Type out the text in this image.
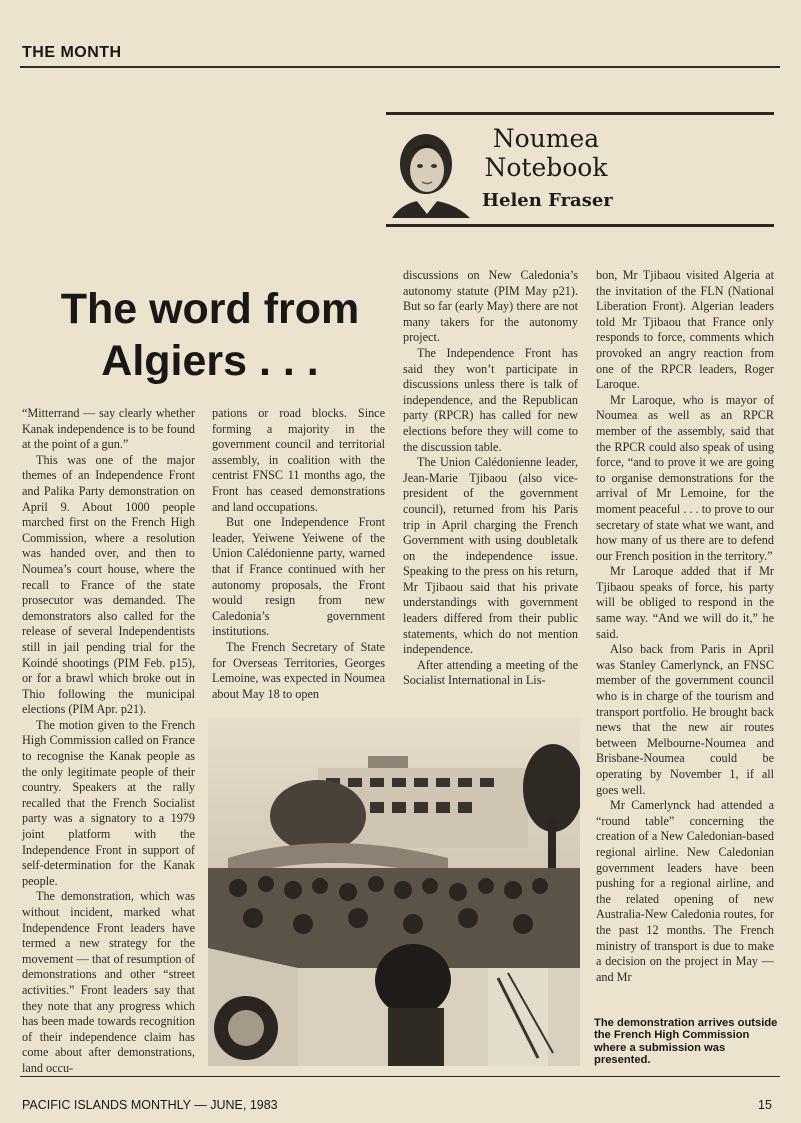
THE MONTH
Noumea
Notebook
Helen Fraser
The word from
Algiers . . .

“Mitterrand — say clearly whether Kanak independence is to be found at the point of a gun.”

This was one of the major themes of an Independence Front and Palika Party demonstration on April 9. About 1000 people marched first on the French High Commission, where a resolution was handed over, and then to Noumea’s court house, where the recall to France of the state prosecutor was demanded. The demonstrators also called for the release of several Independentists still in jail pending trial for the Koindé shootings (PIM Feb. p15), or for a brawl which broke out in Thio following the municipal elections (PIM Apr. p21).

The motion given to the French High Commission called on France to recognise the Kanak people as the only legitimate people of their country. Speakers at the rally recalled that the French Socialist party was a signatory to a 1979 joint platform with the Independence Front in support of self-determination for the Kanak people.

The demonstration, which was without incident, marked what Independence Front leaders have termed a new strategy for the movement — that of resumption of demonstrations and other “street activities.” Front leaders say that they note that any progress which has been made towards recognition of their independence claim has come about after demonstrations, land occu-

pations or road blocks. Since forming a majority in the government council and territorial assembly, in coalition with the centrist FNSC 11 months ago, the Front has ceased demonstrations and land occupations.

But one Independence Front leader, Yeiwene Yeiwene of the Union Calédonienne party, warned that if France continued with her autonomy proposals, the Front would resign from new Caledonia’s government institutions.

The French Secretary of State for Overseas Territories, Georges Lemoine, was expected in Noumea about May 18 to open

discussions on New Caledonia’s autonomy statute (PIM May p21). But so far (early May) there are not many takers for the autonomy project.

The Independence Front has said they won’t participate in discussions unless there is talk of independence, and the Republican party (RPCR) has called for new elections before they will come to the discussion table.

The Union Calédonienne leader, Jean-Marie Tjibaou (also vice-president of the government council), returned from his Paris trip in April charging the French Government with using doubletalk on the independence issue. Speaking to the press on his return, Mr Tjibaou said that his private understandings with government leaders differed from their public statements, which do not mention independence.

After attending a meeting of the Socialist International in Lis-

bon, Mr Tjibaou visited Algeria at the invitation of the FLN (National Liberation Front). Algerian leaders told Mr Tjibaou that France only responds to force, comments which provoked an angry reaction from one of the RPCR leaders, Roger Laroque.

Mr Laroque, who is mayor of Noumea as well as an RPCR member of the assembly, said that the RPCR could also speak of using force, “and to prove it we are going to organise demonstrations for the arrival of Mr Lemoine, for the moment peaceful . . . to prove to our secretary of state what we want, and how many of us there are to defend our French position in the territory.”

Mr Laroque added that if Mr Tjibaou speaks of force, his party will be obliged to respond in the same way. “And we will do it,” he said.

Also back from Paris in April was Stanley Camerlynck, an FNSC member of the government council who is in charge of the tourism and transport portfolio. He brought back news that the new air routes between Melbourne-Noumea and Brisbane-Noumea could be operating by November 1, if all goes well.

Mr Camerlynck had attended a “round table” concerning the creation of a New Caledonian-based regional airline. New Caledonian government leaders have been pushing for a regional airline, and the related opening of new Australia-New Caledonia routes, for the past 12 months. The French ministry of transport is due to make a decision on the project in May — and Mr

The demonstration arrives outside the French High Commission where a submission was presented.
PACIFIC ISLANDS MONTHLY — JUNE, 1983	15
